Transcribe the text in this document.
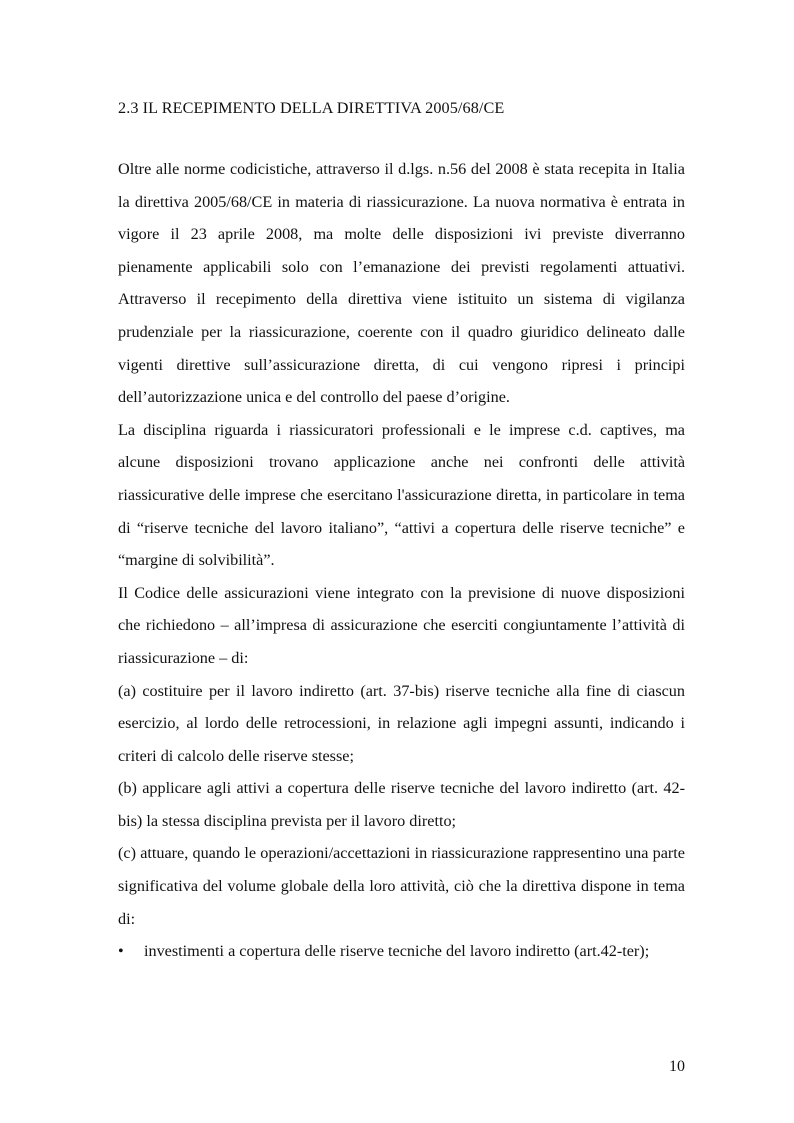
2.3 IL RECEPIMENTO DELLA DIRETTIVA 2005/68/CE

Oltre alle norme codicistiche, attraverso il d.lgs. n.56 del 2008 è stata recepita in Italia la direttiva 2005/68/CE in materia di riassicurazione. La nuova normativa è entrata in vigore il 23 aprile 2008, ma molte delle disposizioni ivi previste diverranno pienamente applicabili solo con l’emanazione dei previsti regolamenti attuativi. Attraverso il recepimento della direttiva viene istituito un sistema di vigilanza prudenziale per la riassicurazione, coerente con il quadro giuridico delineato dalle vigenti direttive sull’assicurazione diretta, di cui vengono ripresi i principi dell’autorizzazione unica e del controllo del paese d’origine.

La disciplina riguarda i riassicuratori professionali e le imprese c.d. captives, ma alcune disposizioni trovano applicazione anche nei confronti delle attività riassicurative delle imprese che esercitano l'assicurazione diretta, in particolare in tema di “riserve tecniche del lavoro italiano”, “attivi a copertura delle riserve tecniche” e “margine di solvibilità”.

Il Codice delle assicurazioni viene integrato con la previsione di nuove disposizioni che richiedono – all’impresa di assicurazione che eserciti congiuntamente l’attività di riassicurazione – di:

(a) costituire per il lavoro indiretto (art. 37-bis) riserve tecniche alla fine di ciascun esercizio, al lordo delle retrocessioni, in relazione agli impegni assunti, indicando i criteri di calcolo delle riserve stesse;

(b) applicare agli attivi a copertura delle riserve tecniche del lavoro indiretto (art. 42-bis) la stessa disciplina prevista per il lavoro diretto;

(c) attuare, quando le operazioni/accettazioni in riassicurazione rappresentino una parte significativa del volume globale della loro attività, ciò che la direttiva dispone in tema di:

• investimenti a copertura delle riserve tecniche del lavoro indiretto (art.42-ter);

10
